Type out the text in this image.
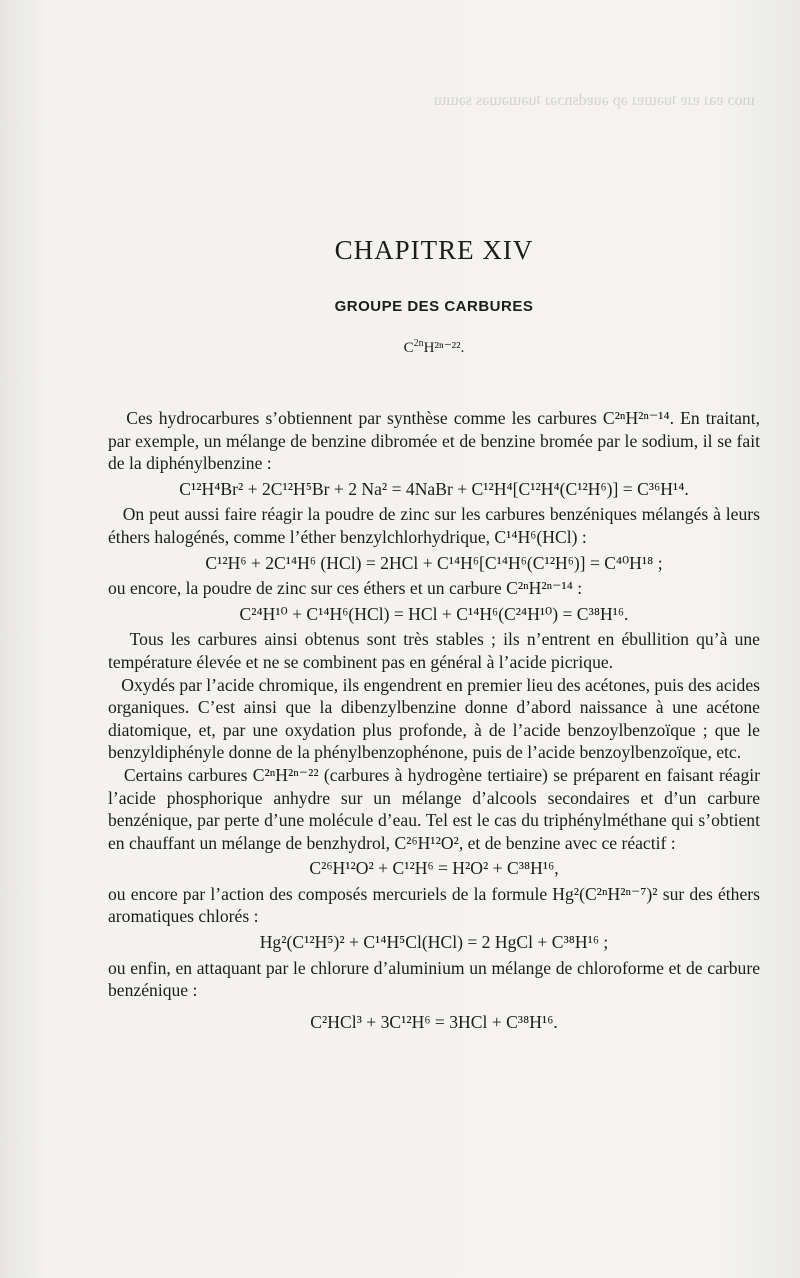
ınoɔ ɐǝɹ ɐɹɐ ʇuǝɯɐɹ ǝp ǝuɐdsnɔǝɹ ʇuǝɯǝɯǝs sǝɯɯ
CHAPITRE XIV
GROUPE DES CARBURES
$C^{2n}H^{2n-22}$.

Ces hydrocarbures s’obtiennent par synthèse comme les carbures C²ⁿH²ⁿ⁻¹⁴. En traitant, par exemple, un mélange de benzine dibromée et de benzine bromée par le sodium, il se fait de la diphénylbenzine :

C¹²H⁴Br² + 2C¹²H⁵Br + 2 Na² = 4NaBr + C¹²H⁴[C¹²H⁴(C¹²H⁶)] = C³⁶H¹⁴.

On peut aussi faire réagir la poudre de zinc sur les carbures benzéniques mélangés à leurs éthers halogénés, comme l’éther benzylchlorhydrique, C¹⁴H⁶(HCl) :

C¹²H⁶ + 2C¹⁴H⁶ (HCl) = 2HCl + C¹⁴H⁶[C¹⁴H⁶(C¹²H⁶)] = C⁴⁰H¹⁸ ;

ou encore, la poudre de zinc sur ces éthers et un carbure C²ⁿH²ⁿ⁻¹⁴ :

C²⁴H¹⁰ + C¹⁴H⁶(HCl) = HCl + C¹⁴H⁶(C²⁴H¹⁰) = C³⁸H¹⁶.

Tous les carbures ainsi obtenus sont très stables ; ils n’entrent en ébullition qu’à une température élevée et ne se combinent pas en général à l’acide picrique.

Oxydés par l’acide chromique, ils engendrent en premier lieu des acétones, puis des acides organiques. C’est ainsi que la dibenzylbenzine donne d’abord naissance à une acétone diatomique, et, par une oxydation plus profonde, à de l’acide benzoylbenzoïque ; que le benzyldiphényle donne de la phénylbenzophénone, puis de l’acide benzoylbenzoïque, etc.

Certains carbures C²ⁿH²ⁿ⁻²² (carbures à hydrogène tertiaire) se préparent en faisant réagir l’acide phosphorique anhydre sur un mélange d’alcools secondaires et d’un carbure benzénique, par perte d’une molécule d’eau. Tel est le cas du triphénylméthane qui s’obtient en chauffant un mélange de benzhydrol, C²⁶H¹²O², et de benzine avec ce réactif :

C²⁶H¹²O² + C¹²H⁶ = H²O² + C³⁸H¹⁶,

ou encore par l’action des composés mercuriels de la formule Hg²(C²ⁿH²ⁿ⁻⁷)² sur des éthers aromatiques chlorés :

Hg²(C¹²H⁵)² + C¹⁴H⁵Cl(HCl) = 2 HgCl + C³⁸H¹⁶ ;

ou enfin, en attaquant par le chlorure d’aluminium un mélange de chloroforme et de carbure benzénique :

C²HCl³ + 3C¹²H⁶ = 3HCl + C³⁸H¹⁶.
